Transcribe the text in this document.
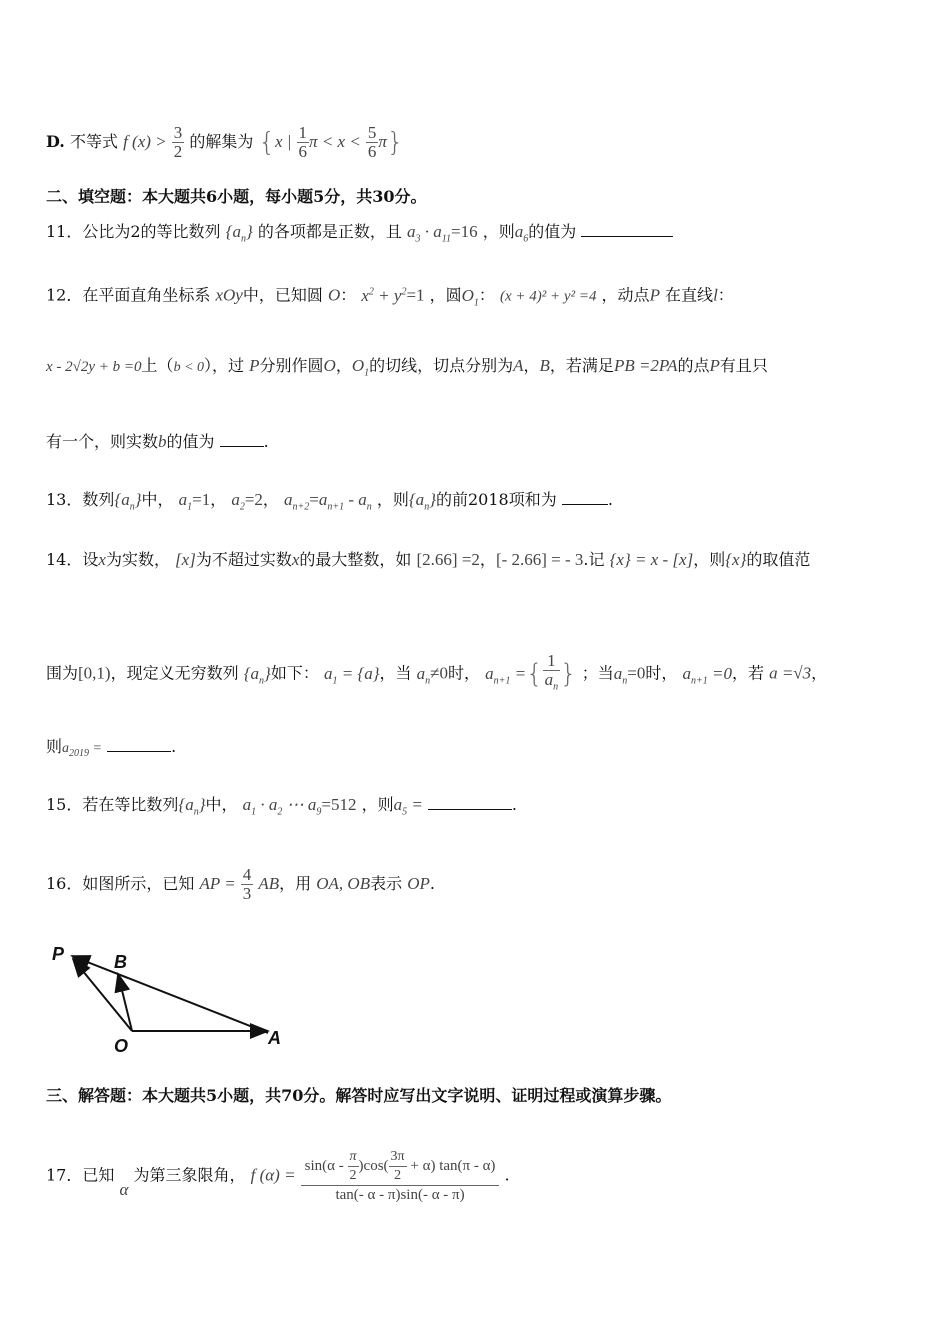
D. 不等式 f $(x) > \frac{3}{2}$ 的解集为 {x | $\frac{1}{6}$ $\pi < x < \frac{5}{6} \pi$}
二、填空题：本大题共6小题，每小题5分，共30分。
11．公比为2的等比数列 $\{a_n\}$ 的各项都是正数，且 $a_3 \cdot a_{11}=16$ ，则$a_6$的值为
12．在平面直角坐标系 xOy中，已知圆 O： $x^2 + y^2=1$ ，圆$O_1$： (x + 4)² + y² =4 ，动点P 在直线l：
x - 2√2y + b =0上（b < 0），过 P分别作圆O，$O_1$的切线，切点分别为A，B，若满足PB =2PA的点P有且只
有一个，则实数b的值为	.
13．数列$\{a_n\}$中， $a_1=1$， $a_2=2$， $a_{n+2}=a_{n+1} - a_n$ ，则$\{a_n\}$的前2018项和为	.
14．设x为实数， [x]为不超过实数x的最大整数，如 [2.66] =2，[- 2.66] = - 3.记 {x} = x - [x]，则{x}的取值范
围为[0,1)，现定义无穷数列 $\{a_n\}$如下： $a_1 = \{a\}$，当 $a_n\ne 0$时， $a_{n+1}$ ={ $\frac{1}{a_n}$ } ；当$a_n=0$时， $a_{n+1} =0$，若 a =√3，
则$a_{2019}$ =	.
15．若在等比数列$\{a_n\}$中， $a_1 \cdot a_2$ ⋯ $a_9=512$ ，则$a_5$ =	.
16．如图所示，已知 AP = $\frac{4}{3}$ AB，用 OA, OB表示 OP.
P	B
O	A
三、解答题：本大题共5小题，共70分。解答时应写出文字说明、证明过程或演算步骤。
17．已知 α 为第三象限角， f $(\alpha) = \frac{\sin(\alpha - \frac{\pi}{2} )\cos( \frac{3\pi}{2} + \alpha) \tan(\pi - \alpha)}{\tan(- \alpha - \pi)\sin(- \alpha - \pi)}$ .
